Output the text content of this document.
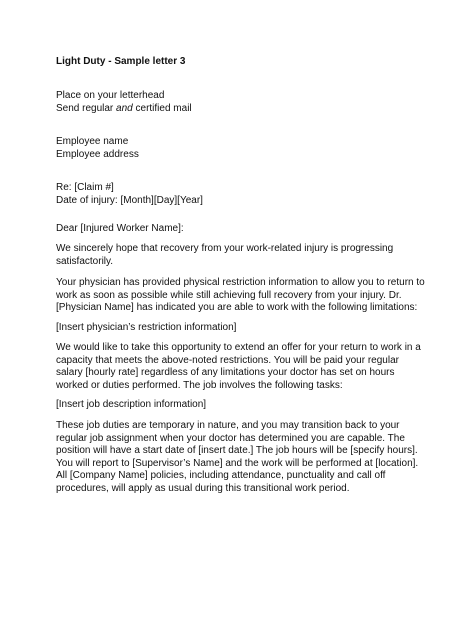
Light Duty - Sample letter 3
Place on your letterhead
Send regular and certified mail
Employee name
Employee address
Re: [Claim #]
Date of injury: [Month][Day][Year]
Dear [Injured Worker Name]:
We sincerely hope that recovery from your work-related injury is progressing satisfactorily.
Your physician has provided physical restriction information to allow you to return to work as soon as possible while still achieving full recovery from your injury. Dr. [Physician Name] has indicated you are able to work with the following limitations:
[Insert physician’s restriction information]
We would like to take this opportunity to extend an offer for your return to work in a capacity that meets the above-noted restrictions. You will be paid your regular salary [hourly rate] regardless of any limitations your doctor has set on hours worked or duties performed. The job involves the following tasks:
[Insert job description information]
These job duties are temporary in nature, and you may transition back to your regular job assignment when your doctor has determined you are capable. The position will have a start date of [insert date.] The job hours will be [specify hours]. You will report to [Supervisor’s Name] and the work will be performed at [location]. All [Company Name] policies, including attendance, punctuality and call off procedures, will apply as usual during this transitional work period.
